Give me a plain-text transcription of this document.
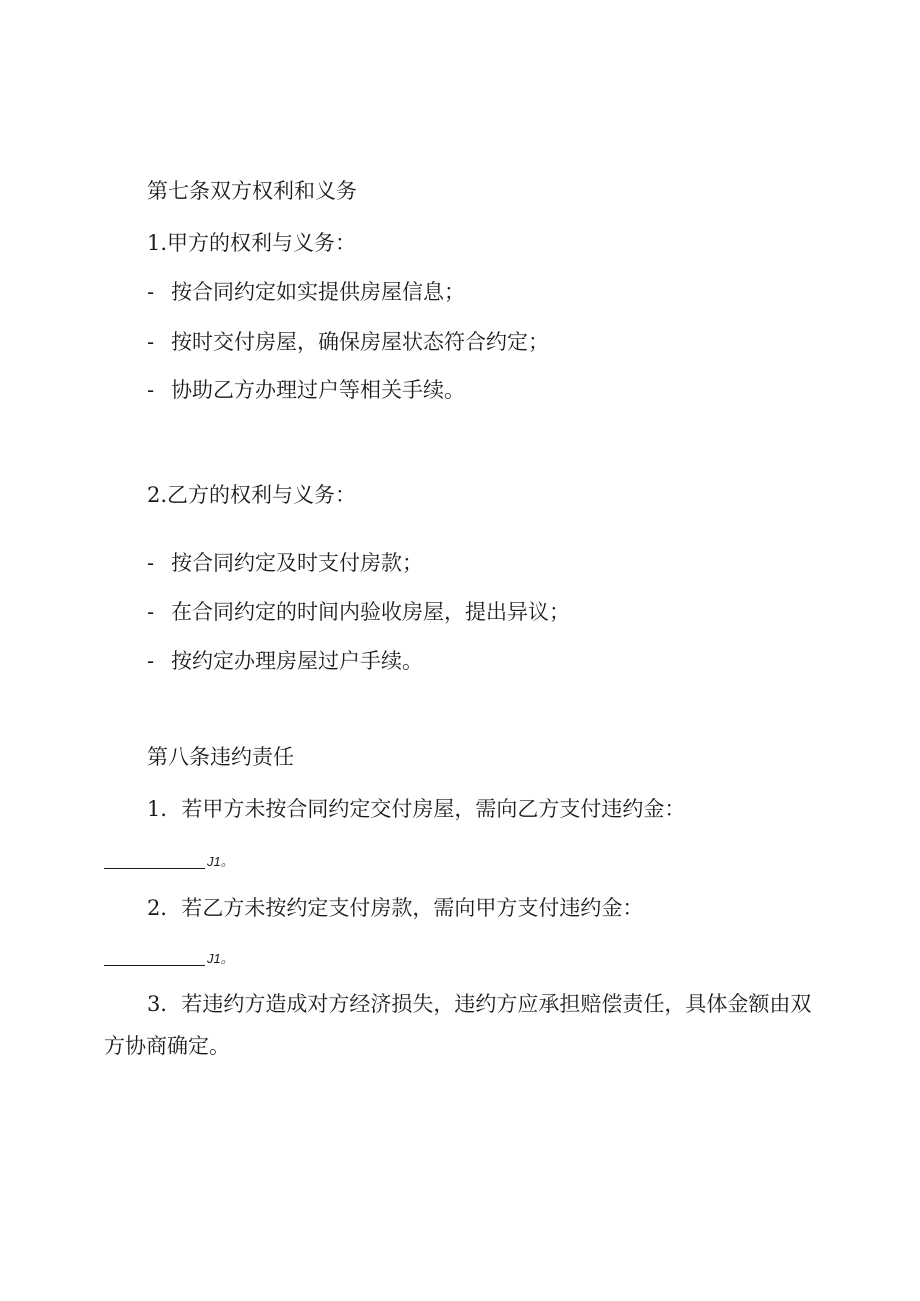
第七条双方权利和义务

1.甲方的权利与义务：

- 按合同约定如实提供房屋信息；
- 按时交付房屋，确保房屋状态符合约定；
- 协助乙方办理过户等相关手续。

2.乙方的权利与义务：

- 按合同约定及时支付房款；
- 在合同约定的时间内验收房屋，提出异议；
- 按约定办理房屋过户手续。

第八条违约责任

1．若甲方未按合同约定交付房屋，需向乙方支付违约金：

J1。

2．若乙方未按约定支付房款，需向甲方支付违约金：

J1。

3．若违约方造成对方经济损失，违约方应承担赔偿责任，具体金额由双方协商确定。
